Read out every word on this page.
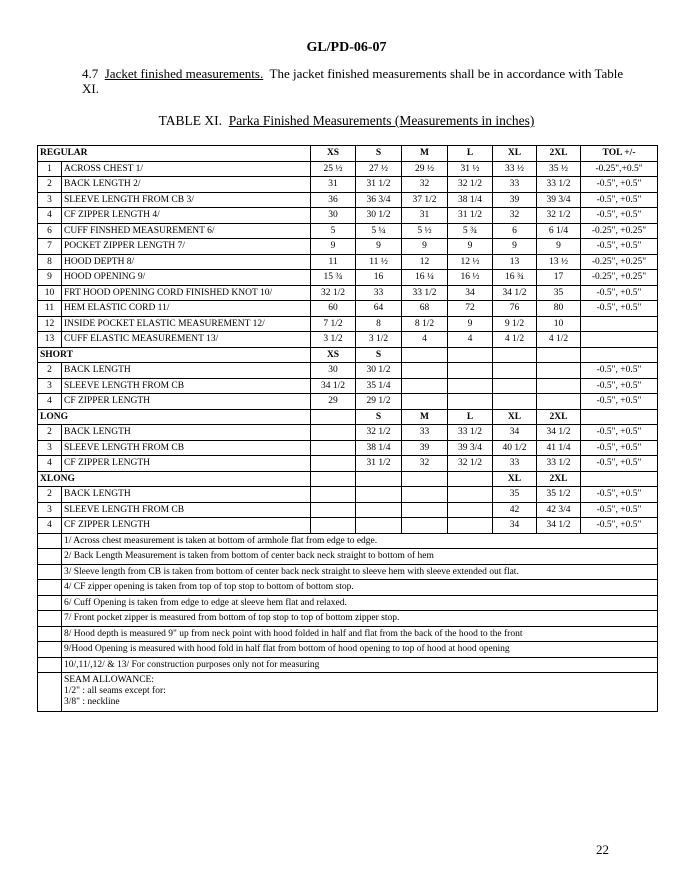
GL/PD-06-07
4.7 Jacket finished measurements. The jacket finished measurements shall be in accordance with Table XI.
TABLE XI. Parka Finished Measurements (Measurements in inches)
REGULAR		XS	S	M	L	XL	2XL	TOL +/-
1	ACROSS CHEST 1/	25 ½	27 ½	29 ½	31 ½	33 ½	35 ½	-0.25",+0.5"
2	BACK LENGTH 2/	31	31 1/2	32	32 1/2	33	33 1/2	-0.5", +0.5"
3	SLEEVE LENGTH FROM CB 3/	36	36 3/4	37 1/2	38 1/4	39	39 3/4	-0.5", +0.5"
4	CF ZIPPER LENGTH 4/	30	30 1/2	31	31 1/2	32	32 1/2	-0.5", +0.5"
6	CUFF FINSHED MEASUREMENT 6/	5	5 ¼	5 ½	5 ¾	6	6 1/4	-0.25", +0.25"
7	POCKET ZIPPER LENGTH 7/	9	9	9	9	9	9	-0.5", +0.5"
8	HOOD DEPTH 8/	11	11 ½	12	12 ½	13	13 ½	-0.25", +0.25"
9	HOOD OPENING 9/	15 ¾	16	16 ¼	16 ½	16 ¾	17	-0.25", +0.25"
10	FRT HOOD OPENING CORD FINISHED KNOT 10/	32 1/2	33	33 1/2	34	34 1/2	35	-0.5", +0.5"
11	HEM ELASTIC CORD 11/	60	64	68	72	76	80	-0.5", +0.5"
12	INSIDE POCKET ELASTIC MEASUREMENT 12/	7 1/2	8	8 1/2	9	9 1/2	10	
13	CUFF ELASTIC MEASUREMENT 13/	3 1/2	3 1/2	4	4	4 1/2	4 1/2	
SHORT		XS	S					
2	BACK LENGTH	30	30 1/2					-0.5", +0.5"
3	SLEEVE LENGTH FROM CB	34 1/2	35 1/4					-0.5", +0.5"
4	CF ZIPPER LENGTH	29	29 1/2					-0.5", +0.5"
LONG			S	M	L	XL	2XL	
2	BACK LENGTH		32 1/2	33	33 1/2	34	34 1/2	-0.5", +0.5"
3	SLEEVE LENGTH FROM CB		38 1/4	39	39 3/4	40 1/2	41 1/4	-0.5", +0.5"
4	CF ZIPPER LENGTH		31 1/2	32	32 1/2	33	33 1/2	-0.5", +0.5"
XLONG						XL	2XL	
2	BACK LENGTH					35	35 1/2	-0.5", +0.5"
3	SLEEVE LENGTH FROM CB					42	42 3/4	-0.5", +0.5"
4	CF ZIPPER LENGTH					34	34 1/2	-0.5", +0.5"
	1/ Across chest measurement is taken at bottom of armhole flat from edge to edge.							
	2/ Back Length Measurement is taken from bottom of center back neck straight to bottom of hem							
	3/ Sleeve length from CB is taken from bottom of center back neck straight to sleeve hem with sleeve extended out flat.							
	4/ CF zipper opening is taken from top of top stop to bottom of bottom stop.							
	6/ Cuff Opening is taken from edge to edge at sleeve hem flat and relaxed.							
	7/ Front pocket zipper is measured from bottom of top stop to top of bottom zipper stop.							
	8/ Hood depth is measured 9" up from neck point with hood folded in half and flat from the back of the hood to the front							
	9/Hood Opening is measured with hood fold in half flat from bottom of hood opening to top of hood at hood opening							
	10/,11/,12/ & 13/ For construction purposes only not for measuring							

	SEAM ALLOWANCE:
1/2" : all seams except for:
3/8" : neckline							
22
